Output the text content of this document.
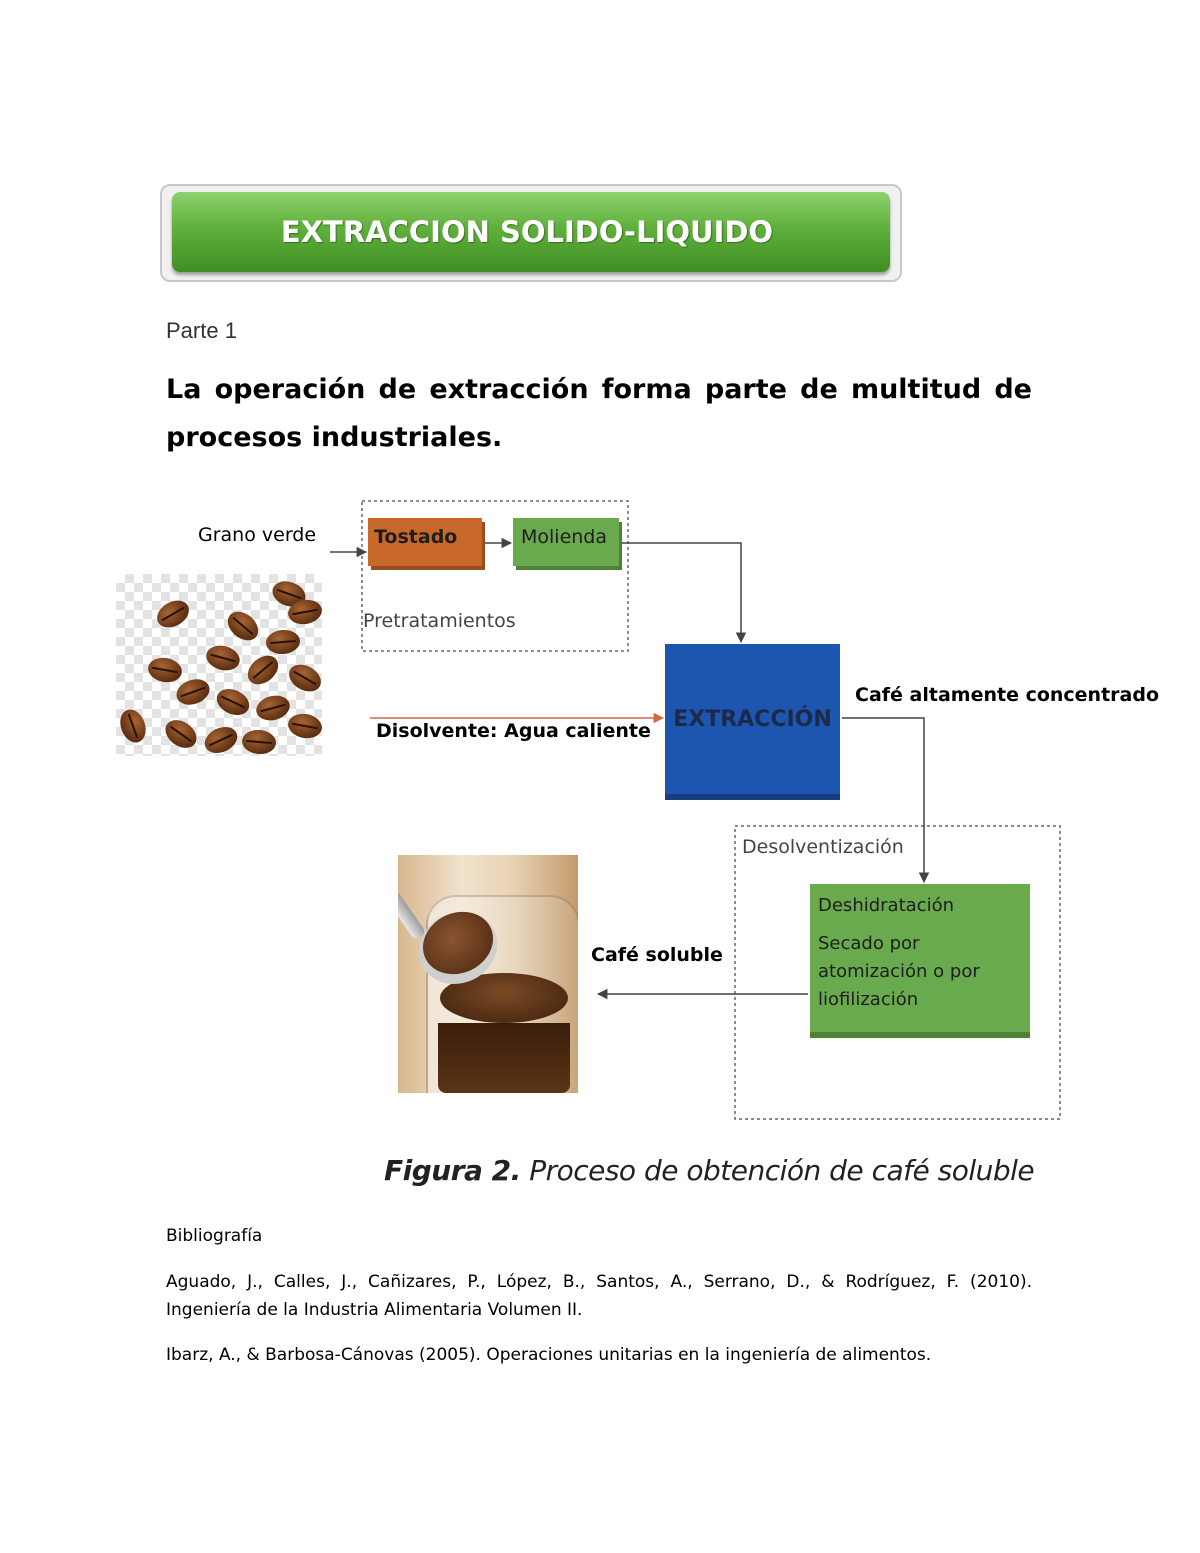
EXTRACCION SOLIDO-LIQUIDO
Parte 1
La operación de extracción forma parte de multitud de procesos industriales.
Grano verde	Tostado	Molienda
Pretratamientos
Disolvente: Agua caliente EXTRACCIÓN
Café altamente concentrado
Desolventización
Deshidratación
Secado por atomización o por liofilización
Café soluble
Figura 2. Proceso de obtención de café soluble
Bibliografía
Aguado, J., Calles, J., Cañizares, P., López, B., Santos, A., Serrano, D., & Rodríguez, F. (2010). Ingeniería de la Industria Alimentaria Volumen II.
Ibarz, A., & Barbosa-Cánovas (2005). Operaciones unitarias en la ingeniería de alimentos.
